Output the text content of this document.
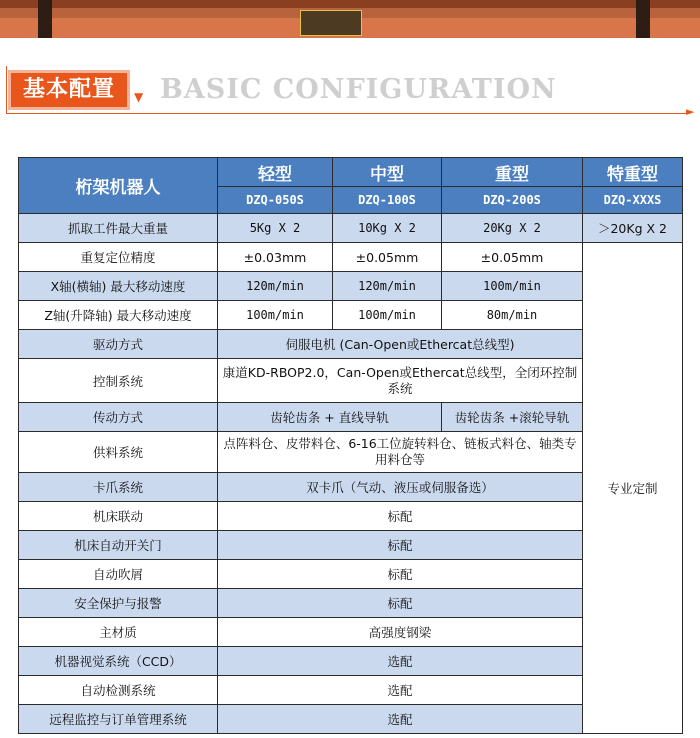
基本配置	▼ BASIC CONFIGURATION
►
桁架机器人	轻型	中型	重型	特重型
	DZQ-050S	DZQ-100S	DZQ-200S	DZQ-XXXS
抓取工件最大重量	5Kg X 2	10Kg X 2	20Kg X 2	＞20Kg X 2
重复定位精度	±0.03mm	±0.05mm	±0.05mm	专业定制
X轴(横轴) 最大移动速度	120m/min	120m/min	100m/min	
Z轴(升降轴) 最大移动速度	100m/min	100m/min	80m/min	
驱动方式	伺服电机 (Can-Open或Ethercat总线型)			
控制系统	康道KD-RBOP2.0，Can-Open或Ethercat总线型，全闭环控制系统			
传动方式	齿轮齿条 + 直线导轨		齿轮齿条 +滚轮导轨	
供料系统	点阵料仓、皮带料仓、6-16工位旋转料仓、链板式料仓、轴类专用料仓等			
卡爪系统	双卡爪（气动、液压或伺服备选）			
机床联动	标配			
机床自动开关门	标配			
自动吹屑	标配			
安全保护与报警	标配			
主材质	高强度钢梁			
机器视觉系统（CCD）	选配			
自动检测系统	选配			
远程监控与订单管理系统	选配			
